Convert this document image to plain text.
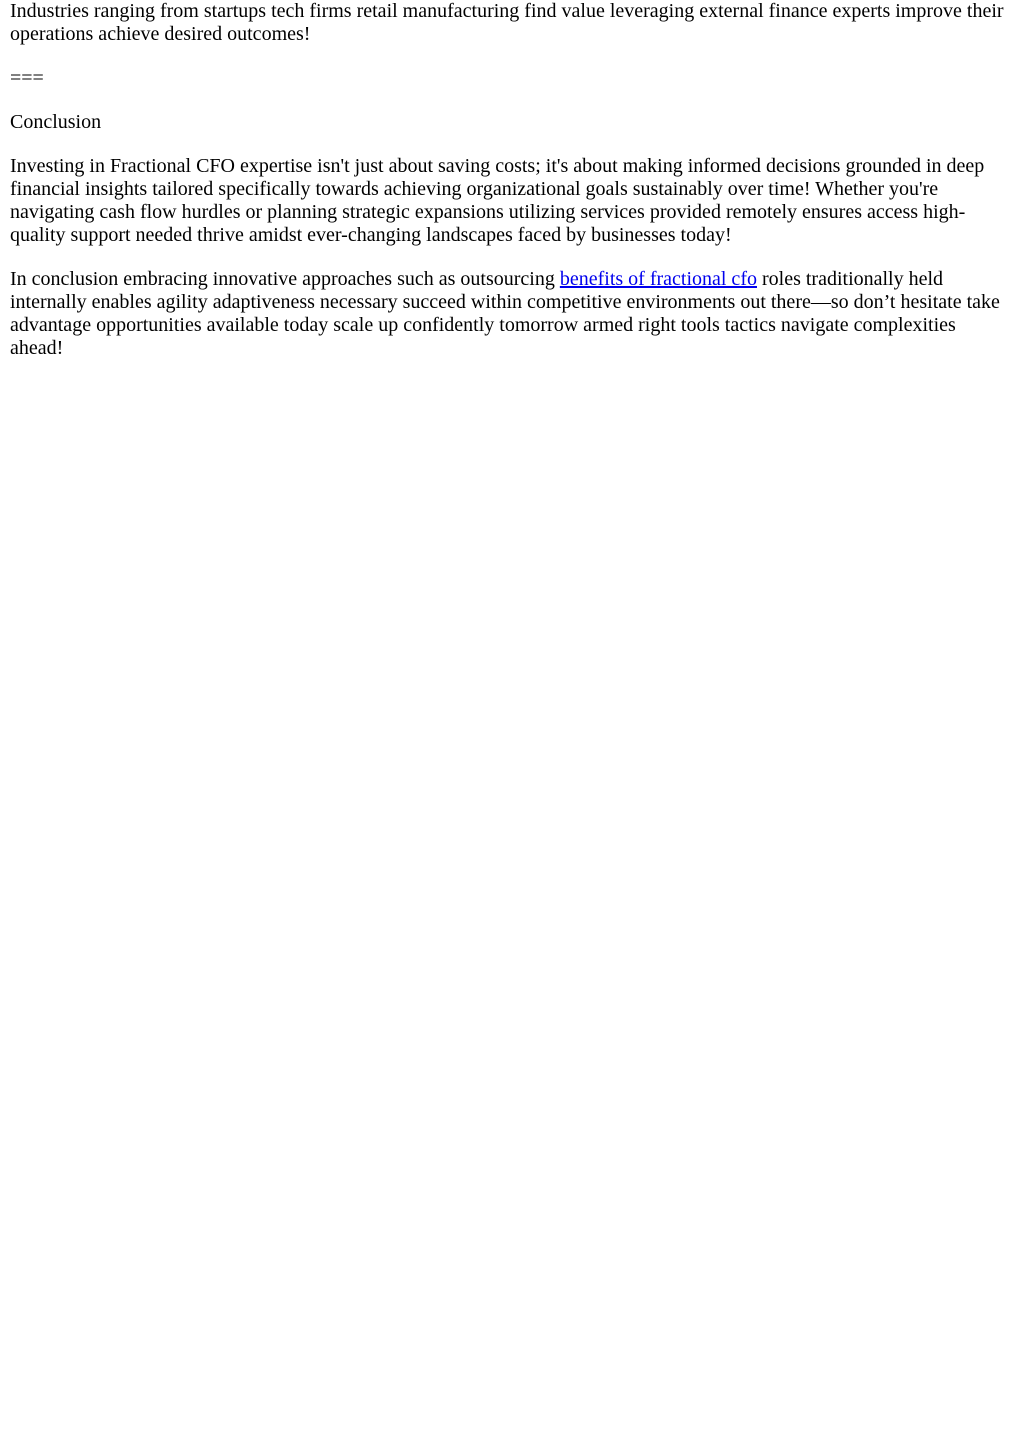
Industries ranging from startups tech firms retail manufacturing find value leveraging external finance experts improve their operations achieve desired outcomes!

===

Conclusion

Investing in Fractional CFO expertise isn't just about saving costs; it's about making informed decisions grounded in deep financial insights tailored specifically towards achieving organizational goals sustainably over time! Whether you're navigating cash flow hurdles or planning strategic expansions utilizing services provided remotely ensures access high-quality support needed thrive amidst ever-changing landscapes faced by businesses today!

In conclusion embracing innovative approaches such as outsourcing benefits of fractional cfo roles traditionally held internally enables agility adaptiveness necessary succeed within competitive environments out there—so don’t hesitate take advantage opportunities available today scale up confidently tomorrow armed right tools tactics navigate complexities ahead!
